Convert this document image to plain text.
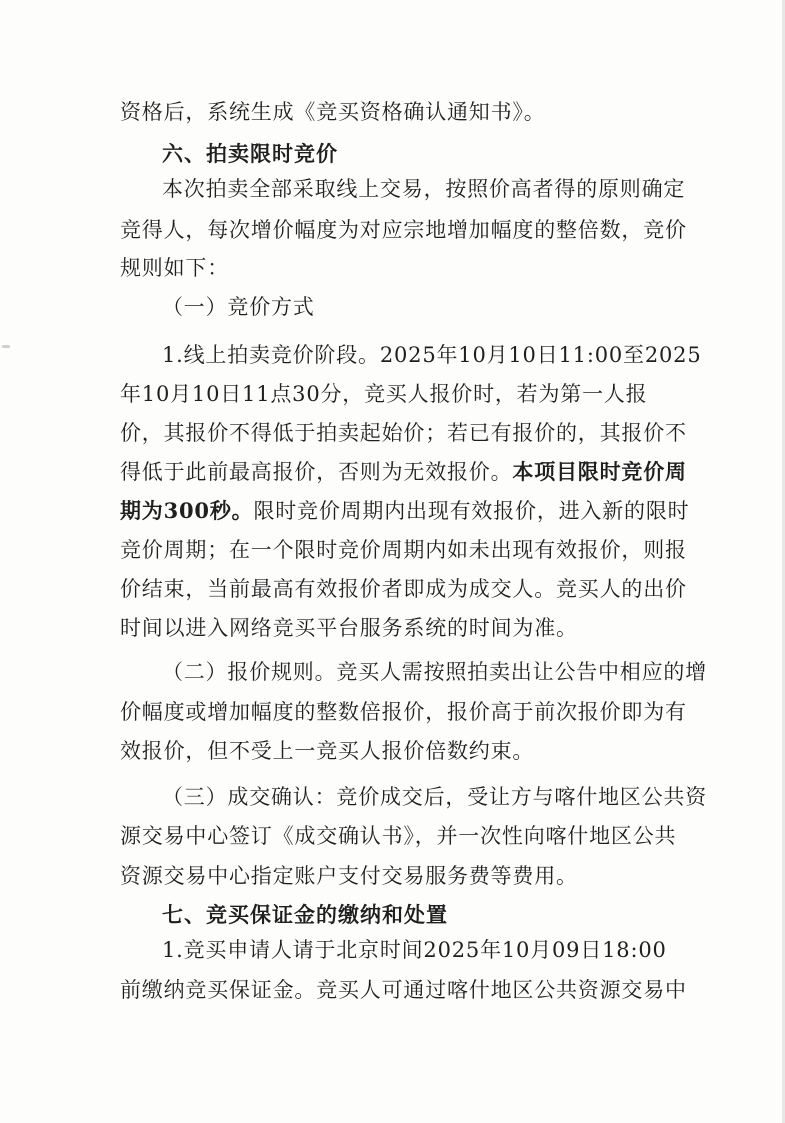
资格后，系统生成《竞买资格确认通知书》。
六、拍卖限时竞价
本次拍卖全部采取线上交易，按照价高者得的原则确定
竞得人，每次增价幅度为对应宗地增加幅度的整倍数，竞价
规则如下：
（一）竞价方式
1.线上拍卖竞价阶段。2025年10月10日11:00至2025
年10月10日11点30分，竞买人报价时，若为第一人报
价，其报价不得低于拍卖起始价；若已有报价的，其报价不
得低于此前最高报价，否则为无效报价。本项目限时竞价周
期为300秒。限时竞价周期内出现有效报价，进入新的限时
竞价周期；在一个限时竞价周期内如未出现有效报价，则报
价结束，当前最高有效报价者即成为成交人。竞买人的出价
时间以进入网络竞买平台服务系统的时间为准。
（二）报价规则。竞买人需按照拍卖出让公告中相应的增
价幅度或增加幅度的整数倍报价，报价高于前次报价即为有
效报价，但不受上一竞买人报价倍数约束。
（三）成交确认：竞价成交后，受让方与喀什地区公共资
源交易中心签订《成交确认书》，并一次性向喀什地区公共
资源交易中心指定账户支付交易服务费等费用。
七、竞买保证金的缴纳和处置
1.竞买申请人请于北京时间2025年10月09日18:00
前缴纳竞买保证金。竞买人可通过喀什地区公共资源交易中
